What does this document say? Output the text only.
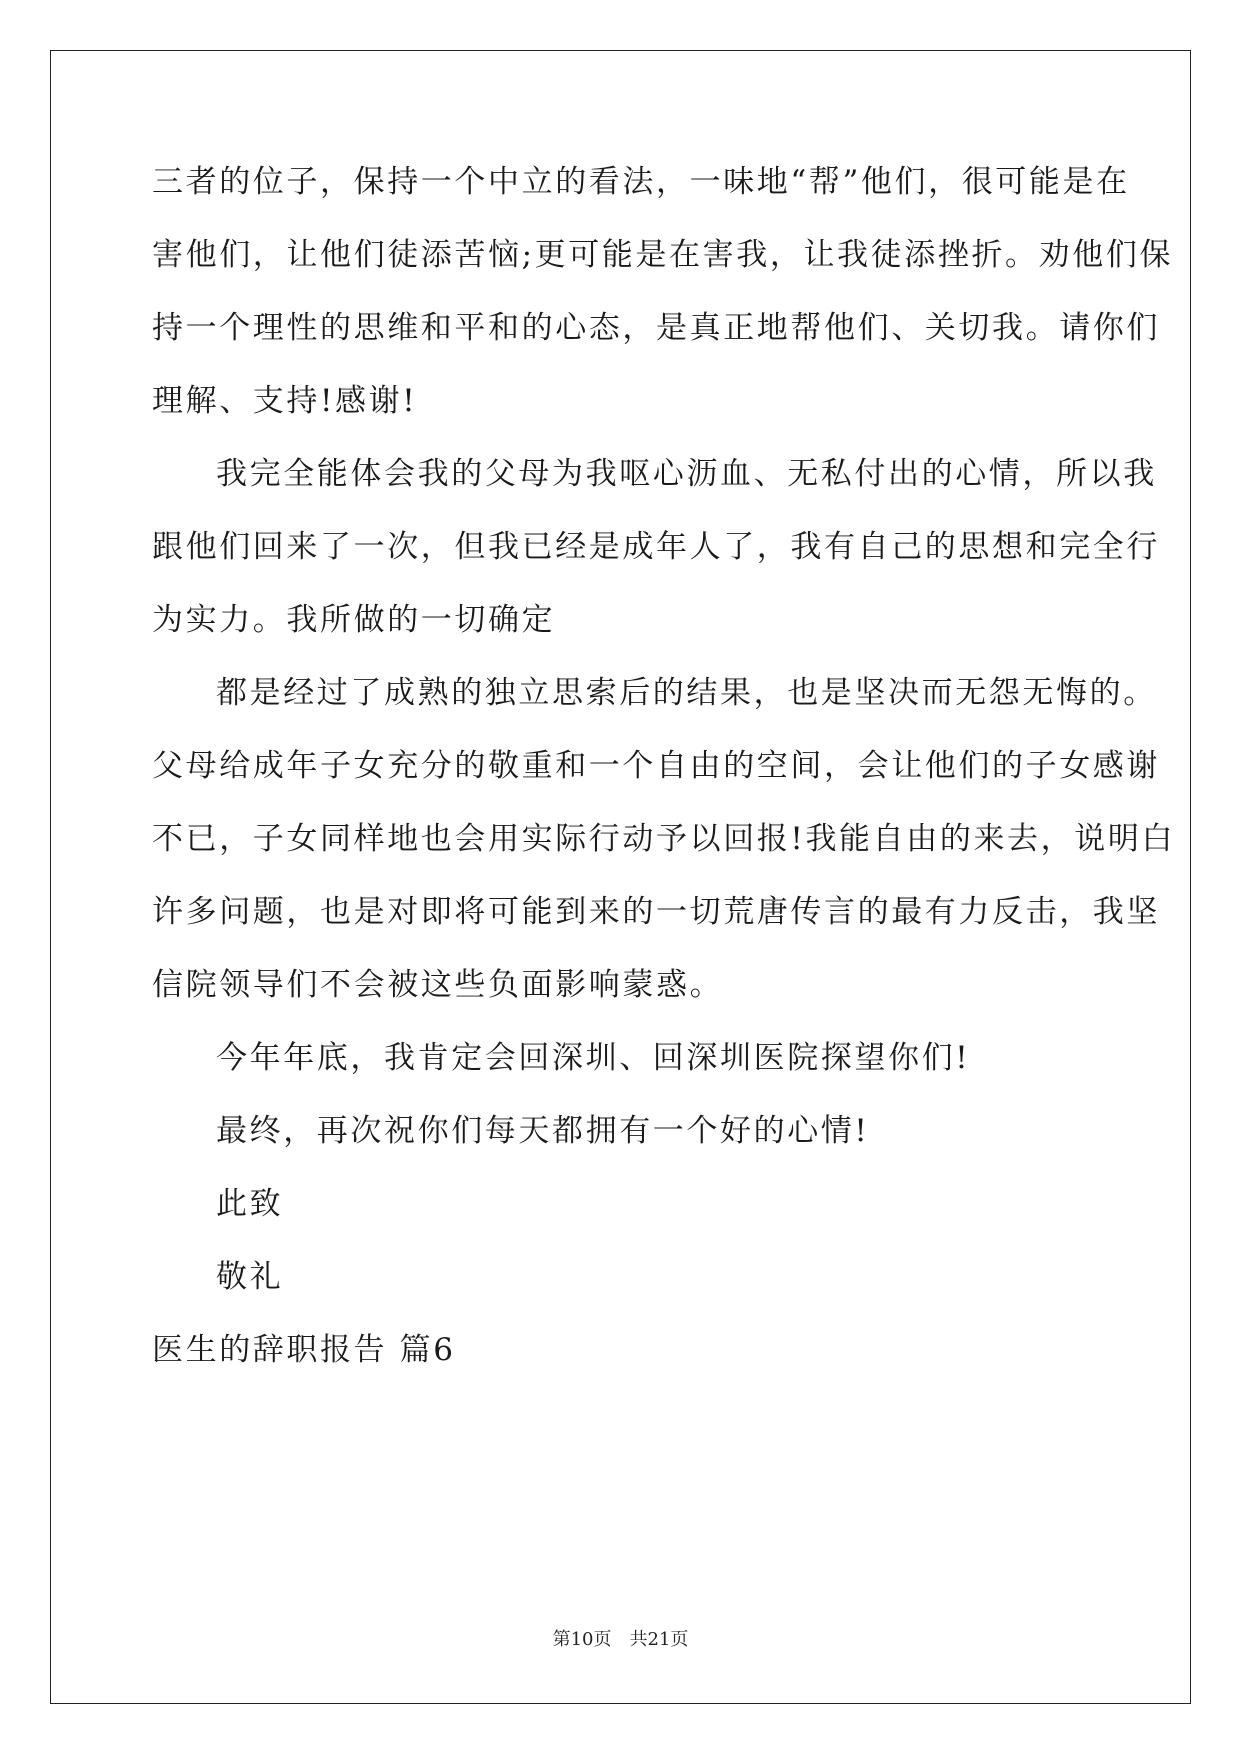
三者的位子，保持一个中立的看法，一味地“帮”他们，很可能是在
害他们，让他们徒添苦恼;更可能是在害我，让我徒添挫折。劝他们保
持一个理性的思维和平和的心态，是真正地帮他们、关切我。请你们
理解、支持!感谢!
我完全能体会我的父母为我呕心沥血、无私付出的心情，所以我
跟他们回来了一次，但我已经是成年人了，我有自己的思想和完全行
为实力。我所做的一切确定
都是经过了成熟的独立思索后的结果，也是坚决而无怨无悔的。
父母给成年子女充分的敬重和一个自由的空间，会让他们的子女感谢
不已，子女同样地也会用实际行动予以回报!我能自由的来去，说明白
许多问题，也是对即将可能到来的一切荒唐传言的最有力反击，我坚
信院领导们不会被这些负面影响蒙惑。
今年年底，我肯定会回深圳、回深圳医院探望你们!
最终，再次祝你们每天都拥有一个好的心情!
此致
敬礼
医生的辞职报告 篇6
第10页　共21页
